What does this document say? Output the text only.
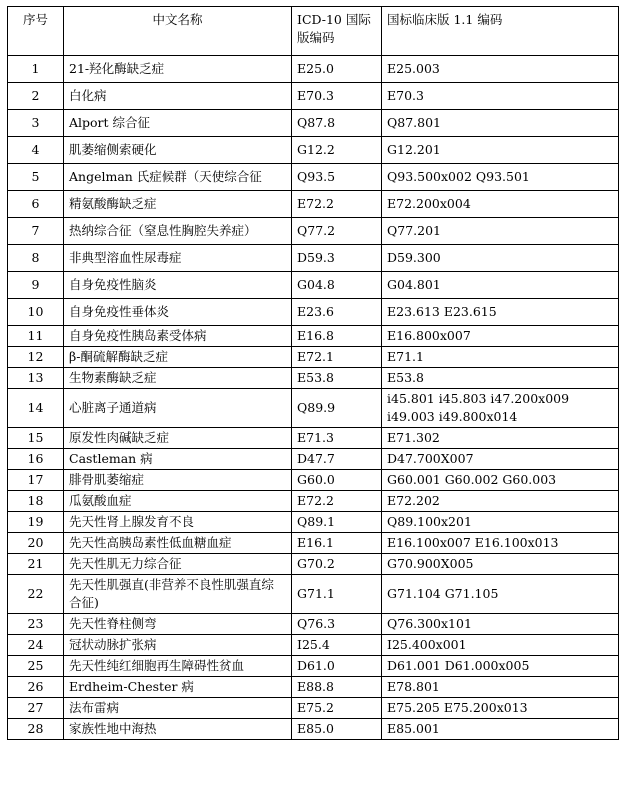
序号	中文名称	ICD-10 国际版编码	国标临床版 1.1 编码
1	21-羟化酶缺乏症	E25.0	E25.003
2	白化病	E70.3	E70.3
3	Alport 综合征	Q87.8	Q87.801
4	肌萎缩侧索硬化	G12.2	G12.201
5	Angelman 氏症候群（天使综合征	Q93.5	Q93.500x002 Q93.501
6	精氨酸酶缺乏症	E72.2	E72.200x004
7	热纳综合征（窒息性胸腔失养症）	Q77.2	Q77.201
8	非典型溶血性尿毒症	D59.3	D59.300
9	自身免疫性脑炎	G04.8	G04.801
10	自身免疫性垂体炎	E23.6	E23.613 E23.615
11	自身免疫性胰岛素受体病	E16.8	E16.800x007
12	β-酮硫解酶缺乏症	E72.1	E71.1
13	生物素酶缺乏症	E53.8	E53.8
14	心脏离子通道病	Q89.9	i45.801 i45.803 i47.200x009 i49.003 i49.800x014
15	原发性肉碱缺乏症	E71.3	E71.302
16	Castleman 病	D47.7	D47.700X007
17	腓骨肌萎缩症	G60.0	G60.001 G60.002 G60.003
18	瓜氨酸血症	E72.2	E72.202
19	先天性肾上腺发育不良	Q89.1	Q89.100x201
20	先天性高胰岛素性低血糖血症	E16.1	E16.100x007 E16.100x013
21	先天性肌无力综合征	G70.2	G70.900X005
22	先天性肌强直(非营养不良性肌强直综合征)	G71.1	G71.104 G71.105
23	先天性脊柱侧弯	Q76.3	Q76.300x101
24	冠状动脉扩张病	I25.4	I25.400x001
25	先天性纯红细胞再生障碍性贫血	D61.0	D61.001 D61.000x005
26	Erdheim-Chester 病	E88.8	E78.801
27	法布雷病	E75.2	E75.205 E75.200x013
28	家族性地中海热	E85.0	E85.001
